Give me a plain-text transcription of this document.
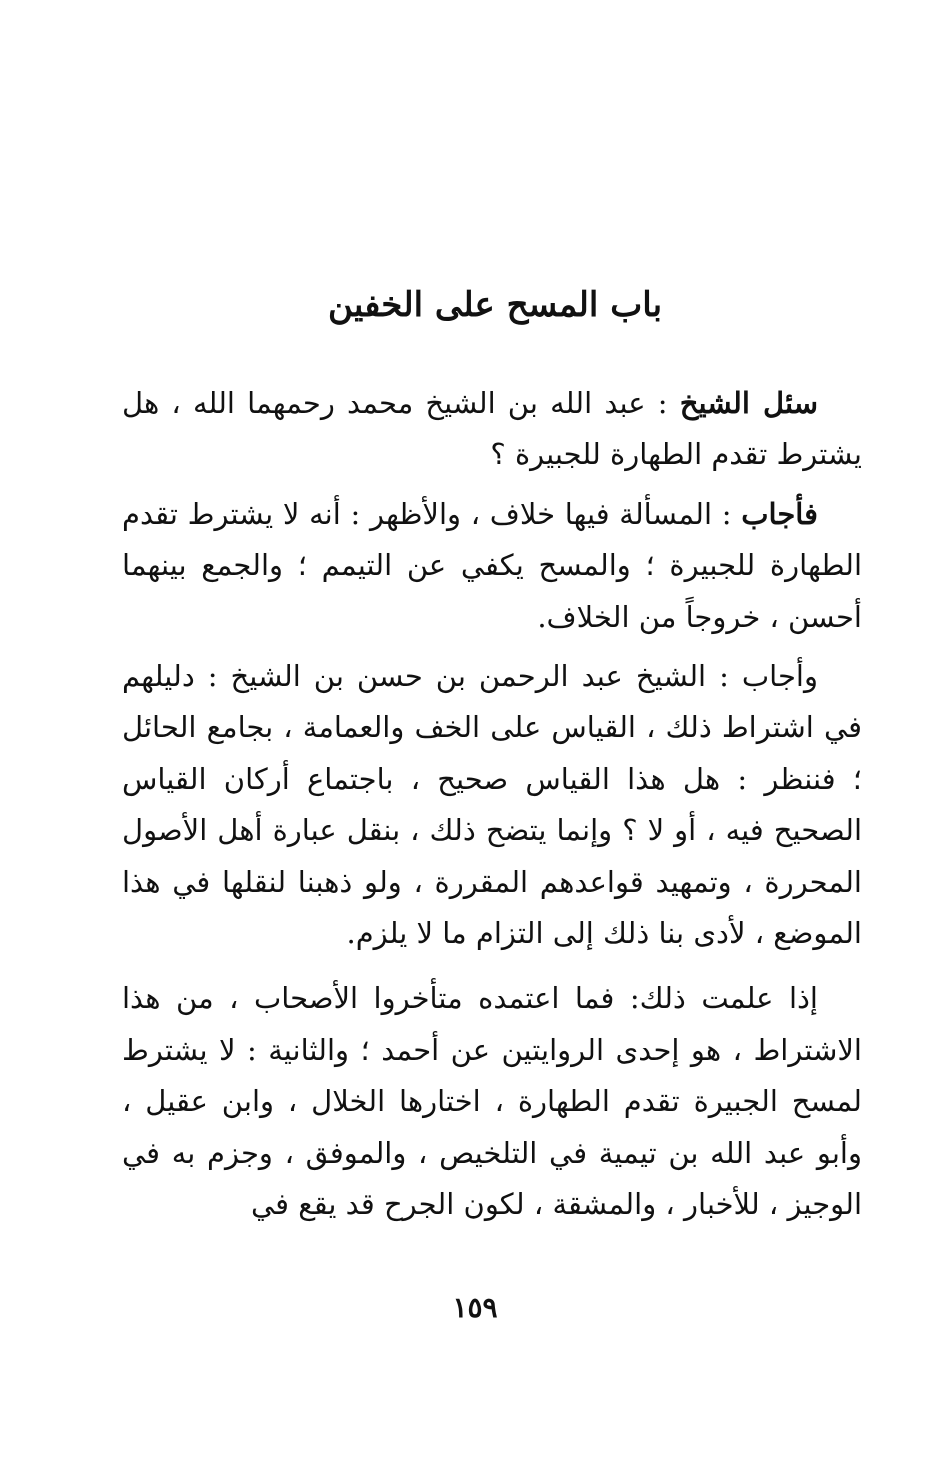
باب المسح على الخفين

سئل الشيخ : عبد الله بن الشيخ محمد رحمهما الله ، هل يشترط تقدم الطهارة للجبيرة ؟

فأجاب : المسألة فيها خلاف ، والأظهر : أنه لا يشترط تقدم الطهارة للجبيرة ؛ والمسح يكفي عن التيمم ؛ والجمع بينهما أحسن ، خروجاً من الخلاف.

وأجاب : الشيخ عبد الرحمن بن حسن بن الشيخ : دليلهم في اشتراط ذلك ، القياس على الخف والعمامة ، بجامع الحائل ؛ فننظر : هل هذا القياس صحيح ، باجتماع أركان القياس الصحيح فيه ، أو لا ؟ وإنما يتضح ذلك ، بنقل عبارة أهل الأصول المحررة ، وتمهيد قواعدهم المقررة ، ولو ذهبنا لنقلها في هذا الموضع ، لأدى بنا ذلك إلى التزام ما لا يلزم.

إذا علمت ذلك: فما اعتمده متأخروا الأصحاب ، من هذا الاشتراط ، هو إحدى الروايتين عن أحمد ؛ والثانية : لا يشترط لمسح الجبيرة تقدم الطهارة ، اختارها الخلال ، وابن عقيل ، وأبو عبد الله بن تيمية في التلخيص ، والموفق ، وجزم به في الوجيز ، للأخبار ، والمشقة ، لكون الجرح قد يقع في

١٥٩
